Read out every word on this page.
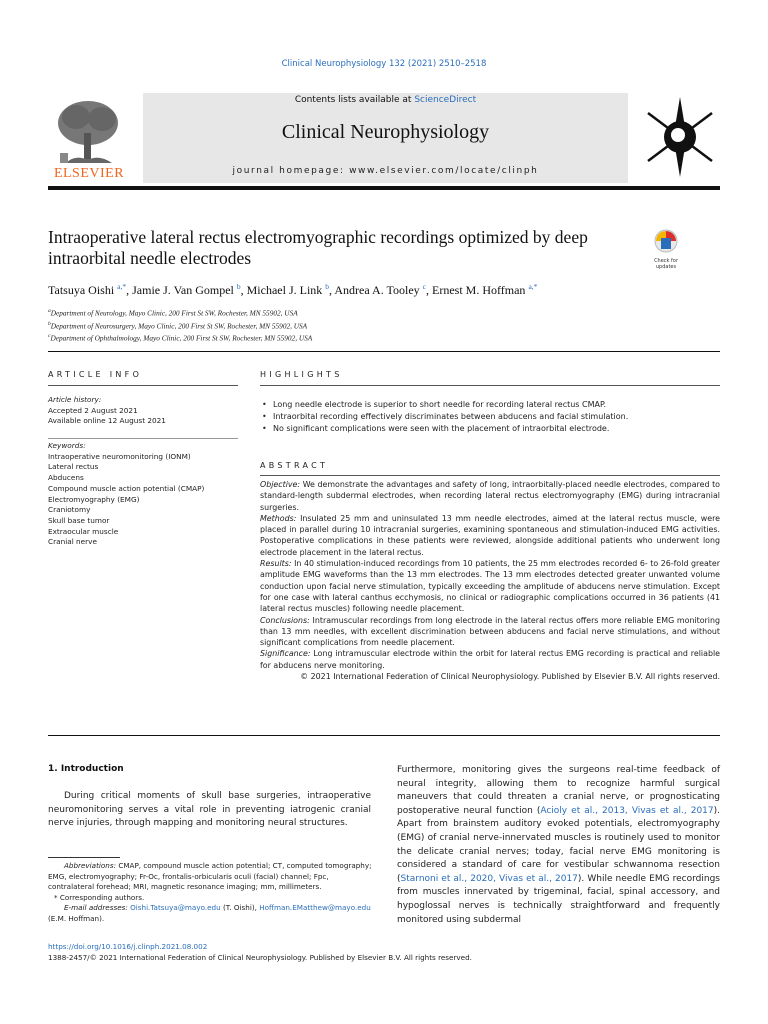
Clinical Neurophysiology 132 (2021) 2510–2518
ELSEVIER
Contents lists available at ScienceDirect
Clinical Neurophysiology
journal homepage: www.elsevier.com/locate/clinph
Intraoperative lateral rectus electromyographic recordings optimized by deep intraorbital needle electrodes	Check for
updates
Tatsuya Oishi $^{a,*}$, Jamie J. Van Gompel $^b$, Michael J. Link $^b$, Andrea A. Tooley $^c$, Ernest M. Hoffman $^{a,*}$
$^a$Department of Neurology, Mayo Clinic, 200 First St SW, Rochester, MN 55902, USA
$^b$Department of Neurosurgery, Mayo Clinic, 200 First St SW, Rochester, MN 55902, USA
$^c$Department of Ophthalmology, Mayo Clinic, 200 First St SW, Rochester, MN 55902, USA
ARTICLE INFO
Article history:
Accepted 2 August 2021
Available online 12 August 2021
Keywords:
Intraoperative neuromonitoring (IONM)
Lateral rectus
Abducens
Compound muscle action potential (CMAP)
Electromyography (EMG)
Craniotomy
Skull base tumor
Extraocular muscle
Cranial nerve
HIGHLIGHTS
• Long needle electrode is superior to short needle for recording lateral rectus CMAP.
• Intraorbital recording effectively discriminates between abducens and facial stimulation.
• No significant complications were seen with the placement of intraorbital electrode.
ABSTRACT

Objective: We demonstrate the advantages and safety of long, intraorbitally-placed needle electrodes, compared to standard-length subdermal electrodes, when recording lateral rectus electromyography (EMG) during intracranial surgeries.

Methods: Insulated 25 mm and uninsulated 13 mm needle electrodes, aimed at the lateral rectus muscle, were placed in parallel during 10 intracranial surgeries, examining spontaneous and stimulation-induced EMG activities. Postoperative complications in these patients were reviewed, alongside additional patients who underwent long electrode placement in the lateral rectus.

Results: In 40 stimulation-induced recordings from 10 patients, the 25 mm electrodes recorded 6- to 26-fold greater amplitude EMG waveforms than the 13 mm electrodes. The 13 mm electrodes detected greater unwanted volume conduction upon facial nerve stimulation, typically exceeding the amplitude of abducens nerve stimulation. Except for one case with lateral canthus ecchymosis, no clinical or radiographic complications occurred in 36 patients (41 lateral rectus muscles) following needle placement.

Conclusions: Intramuscular recordings from long electrode in the lateral rectus offers more reliable EMG monitoring than 13 mm needles, with excellent discrimination between abducens and facial nerve stimulations, and without significant complications from needle placement.

Significance: Long intramuscular electrode within the orbit for lateral rectus EMG recording is practical and reliable for abducens nerve monitoring.

© 2021 International Federation of Clinical Neurophysiology. Published by Elsevier B.V. All rights reserved.

1. Introduction

During critical moments of skull base surgeries, intraoperative neuromonitoring serves a vital role in preventing iatrogenic cranial nerve injuries, through mapping and monitoring neural structures.

Abbreviations: CMAP, compound muscle action potential; CT, computed tomography; EMG, electromyography; Fr-Oc, frontalis-orbicularis oculi (facial) channel; Fpc, contralateral forehead; MRI, magnetic resonance imaging; mm, millimeters.

* Corresponding authors.

E-mail addresses: Oishi.Tatsuya@mayo.edu (T. Oishi), Hoffman.EMatthew@mayo.edu (E.M. Hoffman).

Furthermore, monitoring gives the surgeons real-time feedback of neural integrity, allowing them to recognize harmful surgical maneuvers that could threaten a cranial nerve, or prognosticating postoperative neural function (Acioly et al., 2013, Vivas et al., 2017). Apart from brainstem auditory evoked potentials, electromyography (EMG) of cranial nerve-innervated muscles is routinely used to monitor the delicate cranial nerves; today, facial nerve EMG monitoring is considered a standard of care for vestibular schwannoma resection (Starnoni et al., 2020, Vivas et al., 2017). While needle EMG recordings from muscles innervated by trigeminal, facial, spinal accessory, and hypoglossal nerves is technically straightforward and frequently monitored using subdermal

https://doi.org/10.1016/j.clinph.2021.08.002
1388-2457/© 2021 International Federation of Clinical Neurophysiology. Published by Elsevier B.V. All rights reserved.
